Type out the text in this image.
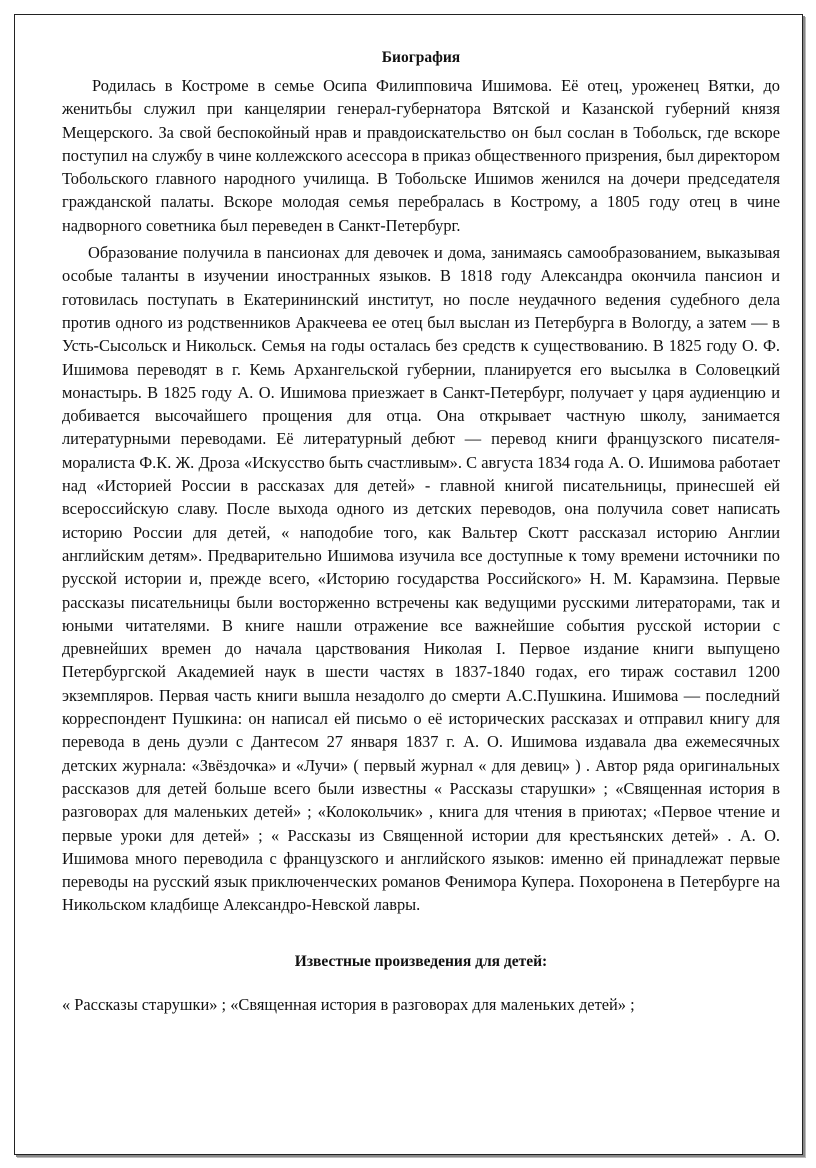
Биография

Родилась в Костроме в семье Осипа Филипповича Ишимова. Её отец, уроженец Вятки, до женитьбы служил при канцелярии генерал-губернатора Вятской и Казанской губерний князя Мещерского. За свой беспокойный нрав и правдоискательство он был сослан в Тобольск, где вскоре поступил на службу в чине коллежского асессора в приказ общественного призрения, был директором Тобольского главного народного училища. В Тобольске Ишимов женился на дочери председателя гражданской палаты. Вскоре молодая семья перебралась в Кострому, а 1805 году отец в чине надворного советника был переведен в Санкт-Петербург.

Образование получила в пансионах для девочек и дома, занимаясь самообразованием, выказывая особые таланты в изучении иностранных языков. В 1818 году Александра окончила пансион и готовилась поступать в Екатерининский институт, но после неудачного ведения судебного дела против одного из родственников Аракчеева ее отец был выслан из Петербурга в Вологду, а затем — в Усть-Сысольск и Никольск. Семья на годы осталась без средств к существованию. В 1825 году О. Ф. Ишимова переводят в г. Кемь Архангельской губернии, планируется его высылка в Соловецкий монастырь. В 1825 году А. О. Ишимова приезжает в Санкт-Петербург, получает у царя аудиенцию и добивается высочайшего прощения для отца. Она открывает частную школу, занимается литературными переводами. Её литературный дебют — перевод книги французского писателя-моралиста Ф.К. Ж. Дроза «Искусство быть счастливым». С августа 1834 года А. О. Ишимова работает над «Историей России в рассказах для детей» - главной книгой писательницы, принесшей ей всероссийскую славу. После выхода одного из детских переводов, она получила совет написать историю России для детей, « наподобие того, как Вальтер Скотт рассказал историю Англии английским детям». Предварительно Ишимова изучила все доступные к тому времени источники по русской истории и, прежде всего, «Историю государства Российского» Н. М. Карамзина. Первые рассказы писательницы были восторженно встречены как ведущими русскими литераторами, так и юными читателями. В книге нашли отражение все важнейшие события русской истории с древнейших времен до начала царствования Николая I. Первое издание книги выпущено Петербургской Академией наук в шести частях в 1837-1840 годах, его тираж составил 1200 экземпляров. Первая часть книги вышла незадолго до смерти А.С.Пушкина. Ишимова — последний корреспондент Пушкина: он написал ей письмо о её исторических рассказах и отправил книгу для перевода в день дуэли с Дантесом 27 января 1837 г. А. О. Ишимова издавала два ежемесячных детских журнала: «Звёздочка» и «Лучи» ( первый журнал « для девиц» ) . Автор ряда оригинальных рассказов для детей больше всего были известны « Рассказы старушки» ; «Священная история в разговорах для маленьких детей» ; «Колокольчик» , книга для чтения в приютах; «Первое чтение и первые уроки для детей» ; « Рассказы из Священной истории для крестьянских детей» . А. О. Ишимова много переводила с французского и английского языков: именно ей принадлежат первые переводы на русский язык приключенческих романов Фенимора Купера. Похоронена в Петербурге на Никольском кладбище Александро-Невской лавры.

Известные произведения для детей:

« Рассказы старушки» ; «Священная история в разговорах для маленьких детей» ;
